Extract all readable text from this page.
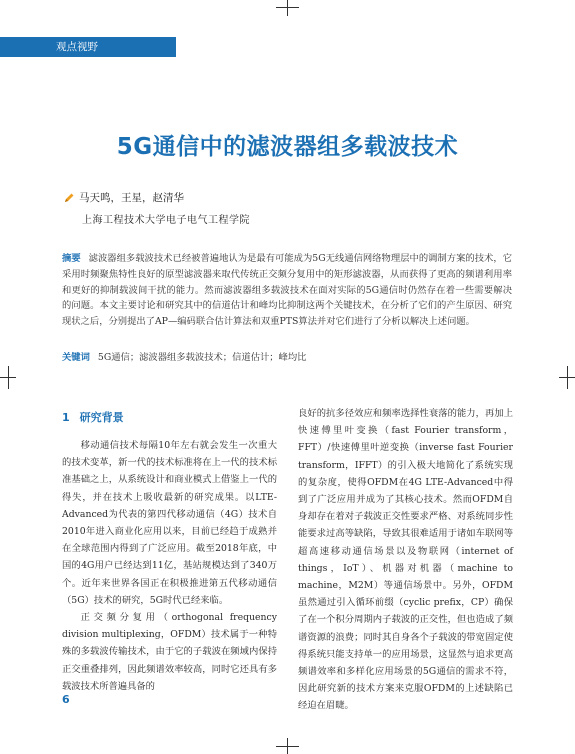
观点视野
5G通信中的滤波器组多载波技术
马天鸣，王星，赵清华
上海工程技术大学电子电气工程学院

摘要 滤波器组多载波技术已经被普遍地认为是最有可能成为5G无线通信网络物理层中的调制方案的技术，它采用时频聚焦特性良好的原型滤波器来取代传统正交频分复用中的矩形滤波器，从而获得了更高的频谱利用率和更好的抑制载波间干扰的能力。然而滤波器组多载波技术在面对实际的5G通信时仍然存在着一些需要解决的问题。本文主要讨论和研究其中的信道估计和峰均比抑制这两个关键技术，在分析了它们的产生原因、研究现状之后，分别提出了AP—编码联合估计算法和双重PTS算法并对它们进行了分析以解决上述问题。

关键词 5G通信；滤波器组多载波技术；信道估计；峰均比

1 研究背景

移动通信技术每隔10年左右就会发生一次重大的技术变革，新一代的技术标准将在上一代的技术标准基础之上，从系统设计和商业模式上借鉴上一代的得失，并在技术上吸收最新的研究成果。以LTE-Advanced为代表的第四代移动通信（4G）技术自2010年进入商业化应用以来，目前已经趋于成熟并在全球范围内得到了广泛应用。截至2018年底，中国的4G用户已经达到11亿，基站规模达到了340万个。近年来世界各国正在积极推进第五代移动通信（5G）技术的研究，5G时代已经来临。

正交频分复用（orthogonal frequency division multiplexing，OFDM）技术属于一种特殊的多载波传输技术，由于它的子载波在频域内保持正交重叠排列，因此频谱效率较高，同时它还具有多载波技术所普遍具备的

良好的抗多径效应和频率选择性衰落的能力，再加上快速傅里叶变换（fast Fourier transform，FFT）/快速傅里叶逆变换（inverse fast Fourier transform，IFFT）的引入极大地简化了系统实现的复杂度，使得OFDM在4G LTE-Advanced中得到了广泛应用并成为了其核心技术。然而OFDM自身却存在着对子载波正交性要求严格、对系统同步性能要求过高等缺陷，导致其很难适用于诸如车联网等超高速移动通信场景以及物联网（internet of things，IoT）、机器对机器（machine to machine，M2M）等通信场景中。另外，OFDM虽然通过引入循环前缀（cyclic prefix，CP）确保了在一个积分周期内子载波的正交性，但也造成了频谱资源的浪费；同时其自身各个子载波的带宽固定使得系统只能支持单一的应用场景，这显然与追求更高频谱效率和多样化应用场景的5G通信的需求不符，因此研究新的技术方案来克服OFDM的上述缺陷已经迫在眉睫。

6
